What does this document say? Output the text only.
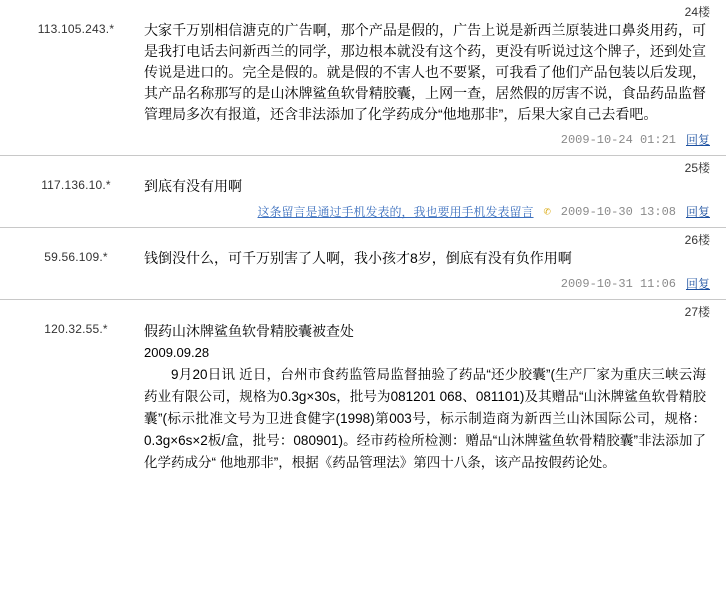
24楼
113.105.243.*	大家千万别相信溏克的广告啊，那个产品是假的，广告上说是新西兰原装进口鼻炎用药，可是我打电话去问新西兰的同学，那边根本就没有这个药，更没有听说过这个牌子，还到处宣传说是进口的。完全是假的。就是假的不害人也不要紧，可我看了他们产品包装以后发现，其产品名称那写的是山沐牌鲨鱼软骨精胶囊，上网一查，居然假的厉害不说，食品药品监督管理局多次有报道，还含非法添加了化学药成分“他地那非”，后果大家自己去看吧。
2009-10-24 01:21 回复
25楼
117.136.10.*	到底有没有用啊
这条留言是通过手机发表的，我也要用手机发表留言 ✆ 2009-10-30 13:08 回复
26楼
59.56.109.*	钱倒没什么，可千万别害了人啊，我小孩才8岁，倒底有没有负作用啊
2009-10-31 11:06 回复
27楼
120.32.55.*	假药山沐牌鲨鱼软骨精胶囊被查处

2009.09.28

9月20日讯 近日，台州市食药监管局监督抽验了药品“还少胶囊”(生产厂家为重庆三峡云海药业有限公司，规格为0.3g×30s，批号为081201 068、081101)及其赠品“山沐牌鲨鱼软骨精胶囊”(标示批准文号为卫进食健字(1998)第003号，标示制造商为新西兰山沐国际公司，规格：0.3g×6s×2板/盒，批号：080901)。经市药检所检测：赠品“山沐牌鲨鱼软骨精胶囊”非法添加了化学药成分“ 他地那非”，根据《药品管理法》第四十八条，该产品按假药论处。
